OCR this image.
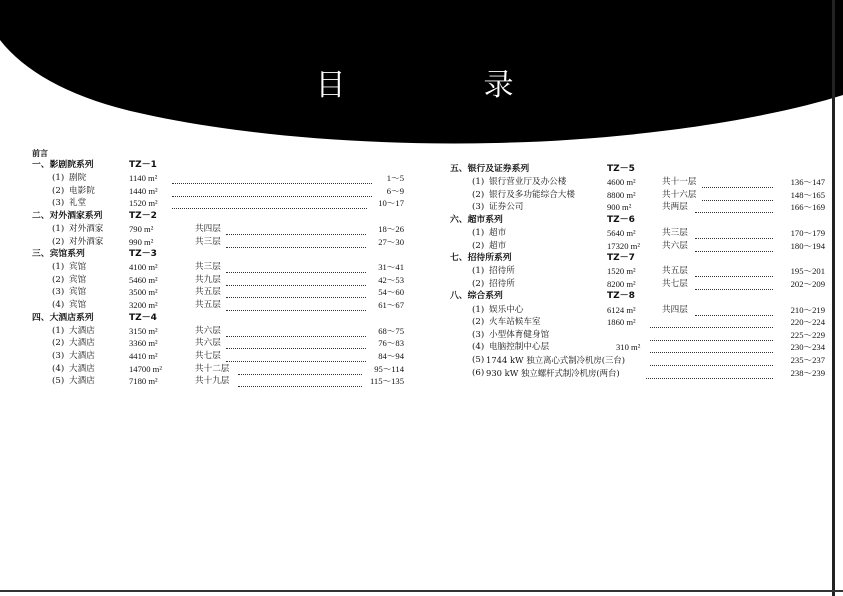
目　录
前言
一、影剧院系列	TZ－1
(1) 剧院	1140 m²	1～5
(2) 电影院	1440 m²	6～9
(3) 礼堂	1520 m²	10～17
二、对外酒家系列	TZ－2
(1) 对外酒家	790 m²	共四层	18～26
(2) 对外酒家	990 m²	共三层	27～30
三、宾馆系列	TZ－3
(1) 宾馆	4100 m²	共三层	31～41
(2) 宾馆	5460 m²	共九层	42～53
(3) 宾馆	3500 m²	共五层	54～60
(4) 宾馆	3200 m²	共五层	61～67
四、大酒店系列	TZ－4
(1) 大酒店	3150 m²	共六层	68～75
(2) 大酒店	3360 m²	共六层	76～83
(3) 大酒店	4410 m²	共七层	84～94
(4) 大酒店	14700 m²	共十二层	95～114
(5) 大酒店	7180 m²	共十九层	115～135
五、银行及证券系列	TZ－5
(1) 银行营业厅及办公楼	4600 m²	共十一层	136～147
(2) 银行及多功能综合大楼	8800 m²	共十六层	148～165
(3) 证券公司	900 m²	共两层	166～169
六、超市系列	TZ－6
(1) 超市	5640 m²	共三层	170～179
(2) 超市	17320 m²	共六层	180～194
七、招待所系列	TZ－7
(1) 招待所	1520 m²	共五层	195～201
(2) 招待所	8200 m²	共七层	202～209
八、综合系列	TZ－8
(1) 娱乐中心	6124 m²	共四层	210～219
(2) 火车站候车室	1860 m²	220～224
(3) 小型体育健身馆	225～229
(4) 电脑控制中心层	310 m²	230～234
(5) 1744 kW 独立离心式制冷机房(三台)	235～237
(6) 930 kW 独立螺杆式制冷机房(两台)	238～239
